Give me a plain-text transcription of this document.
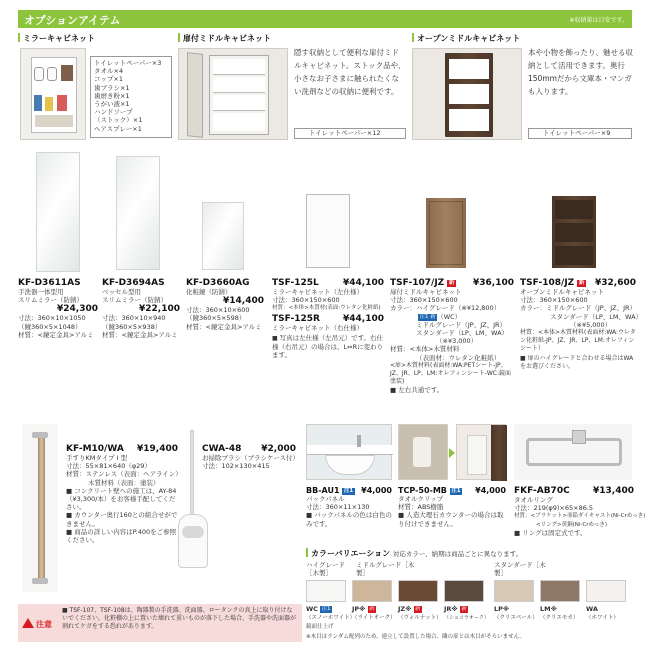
オプションアイテム	※収納量は目安です。
ミラーキャビネット	扉付ミドルキャビネット	オープンミドルキャビネット
トイレットペーパー×3
タオル×4
コップ×1
歯ブラシ×1
歯磨き粉×1
うがい液×1
ハンドソープ
（ストック）×1
ヘアスプレー×1
隠す収納として便利な扉付ミドルキャビネット。ストック品や、小さなお子さまに触られたくない洗剤などの収納に便利です。
トイレットペーパー×12
本や小物を飾ったり、魅せる収納として活用できます。奥行150mmだから文庫本・マンガも入ります。
トイレットペーパー×9
KF-D3611AS
手洗器一体型用
スリムミラー（防錆）
¥24,300
寸法：360×10×1050
（鏡360×5×1048）
材質：<鏡定金具>アルミ
KF-D3694AS
ベッセル型用
スリムミラー（防錆）
¥22,100
寸法：360×10×940
（鏡360×5×938）
材質：<鏡定金具>アルミ
KF-D3660AG
化粧鏡（防錆）
¥14,400
寸法：360×10×600
（鏡360×5×598）
材質：<鏡定金具>アルミ
TSF-125L	¥44,100
ミラーキャビネット（左仕様）
寸法：360×150×600
材質：<本体>木質材(表面:ウレタン化粧紙)
TSF-125R	¥44,100
ミラーキャビネット（右仕様）
■ 写真は左仕様（左吊元）です。右仕様（右吊元）の場合は、L⇔Rに変わります。
TSF-107/JZ 新 ¥36,100
扉付ミドルキャビネット
寸法：360×150×600
カラー：ハイグレード（※¥12,800）
注1 新 （WC）
ミドルグレード（JP、JZ、JR）
スタンダード（LP、LM、WA）
（※¥3,000）
材質：<本体>木質材料
（表面材：ウレタン化粧紙）
<扉>木質材料(表面材:WA:PETシート-JP、JZ、JR、LP、LM:オレフィンシート-WC:鏡面塗装)
■ 左右共通です。
TSF-108/JZ 新 ¥32,600
オープンミドルキャビネット
寸法：360×150×600
カラー：ミドルグレード（JP、JZ、JR）
スタンダード（LP、LM、WA）
（※¥5,000）
材質：<本体>木質材料(表面材:WA:ウレタン化粧紙-JP、JZ、JR、LP、LM:オレフィンシート）
■ 扉のハイグレードと合わせる場合はWAをお選びください。
KF-M10/WA ¥19,400
手すりKMタイプ I 型
寸法：55×81×640（φ29）
材質：ステンレス（表面：ヘアライン）
木質材料（表面：塗装）
■ コンクリート壁への施工は、AY-84（¥3,300/本）をお客様手配してください。
■ カウンター奥行160との組合せができません。
■ 商品の詳しい内容はP.400をご参照ください。
CWA-48 ¥2,000
お掃除ブラシ（ブラシケース付）
寸法：102×130×415
BB-AU1 注1 ¥4,000
バックパネル
寸法：360×11×130
■ バックパネルの色は白色のみです。
TCP-50-MB 注1 ¥4,000
タオルクリップ
材質：ABS樹脂
■ 人造大理石カウンターの場合は取り付けできません。
FKF-AB70C	¥13,400
タオルリング
寸法：219(φ9)×65×86.5
材質：<ブラケット>亜鉛ダイキャスト(Ni-Crめっき)
<リング>黄銅(Ni-Crめっき)
■ リングは固定式です。
カラーバリエーション 対応カラー、納期は商品ごとに異なります。
ハイグレード［木製］
ミドルグレード［木製］
スタンダード［木製］
WC 注1
（スノーホワイト）
鏡面仕上げ
JP※ 新
（ライトオーク）
JZ※ 新
（ウォルナット）
JR※ 新
（ショコラオーク）
LP※
（クリエペール）
LM※
（クリエモカ）
WA
（ホワイト）
※木目はランダム配列のため、連立して設置した場合、隣の扉とは木目がそろいません。
注意
■ TSF-107、TSF-108は、陶器製の手洗器、洗面器、ロータンクの真上に取り付けないでください。化粧棚の上に置いた壊れて重いものが落下した場合、手洗器や洗面器が割れてケガをする恐れがあります。
